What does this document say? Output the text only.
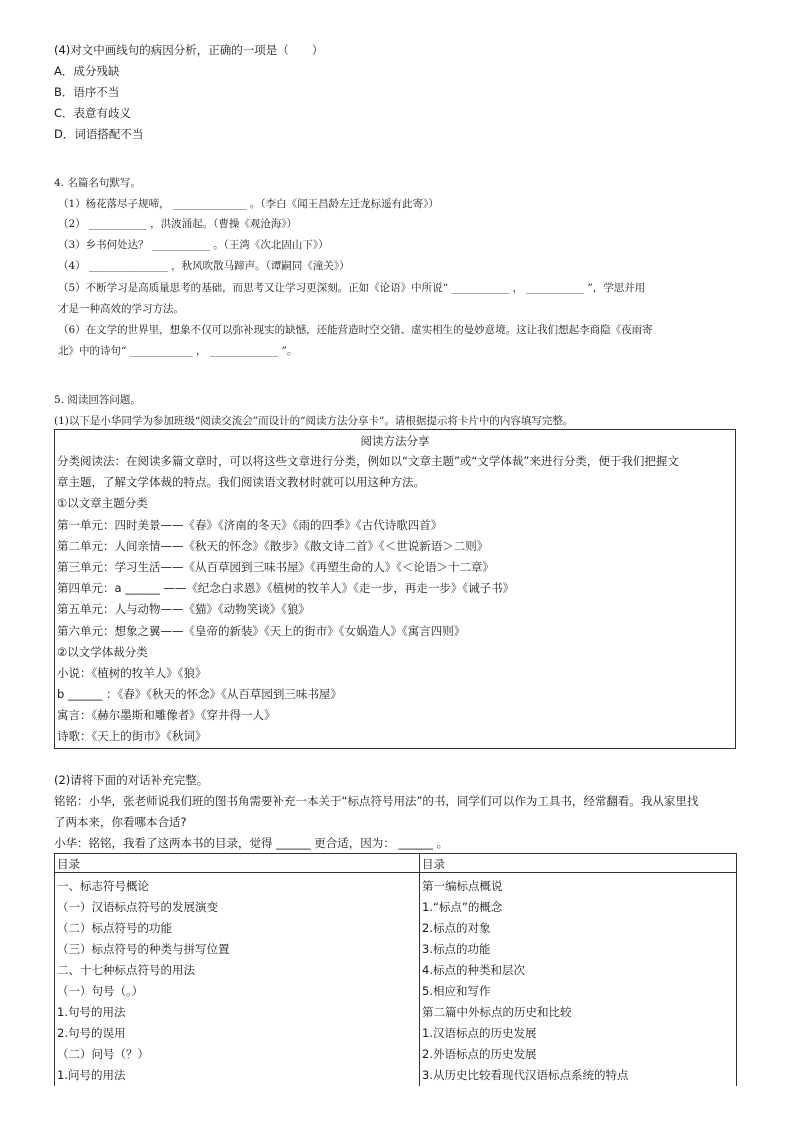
(4)对文中画线句的病因分析，正确的一项是（　　）
A．成分残缺
B．语序不当
C．表意有歧义
D．词语搭配不当
4. 名篇名句默写。
（1）杨花落尽子规啼， ______________ 。（李白《闻王昌龄左迁龙标遥有此寄》）
（2） ___________ ，洪波涌起。（曹操《观沧海》）
（3）乡书何处达？ ___________ 。（王湾《次北固山下》）
（4） _______________ ，秋风吹散马蹄声。（谭嗣同《潼关》）
（5）不断学习是高质量思考的基础，而思考又让学习更深刻。正如《论语》中所说“ ___________ ， ___________ ”，学思并用
才是一种高效的学习方法。
（6）在文学的世界里，想象不仅可以弥补现实的缺憾，还能营造时空交错、虚实相生的曼妙意境。这让我们想起李商隐《夜雨寄
北》中的诗句“ ____________ ， _____________ ”。
5. 阅读回答问题。
(1)以下是小华同学为参加班级“阅读交流会”而设计的“阅读方法分享卡”。请根据提示将卡片中的内容填写完整。
阅读方法分享
分类阅读法：在阅读多篇文章时，可以将这些文章进行分类，例如以“文章主题”或“文学体裁”来进行分类，便于我们把握文
章主题，了解文学体裁的特点。我们阅读语文教材时就可以用这种方法。
①以文章主题分类
第一单元：四时美景——《春》《济南的冬天》《雨的四季》《古代诗歌四首》
第二单元：人间亲情——《秋天的怀念》《散步》《散文诗二首》《＜世说新语＞二则》
第三单元：学习生活——《从百草园到三味书屋》《再塑生命的人》《＜论语＞十二章》
第四单元：a ______ ——《纪念白求恩》《植树的牧羊人》《走一步，再走一步》《诫子书》
第五单元：人与动物——《猫》《动物笑谈》《狼》
第六单元：想象之翼——《皇帝的新装》《天上的街市》《女娲造人》《寓言四则》
②以文学体裁分类
小说：《植树的牧羊人》《狼》
b ______ ：《春》《秋天的怀念》《从百草园到三味书屋》
寓言：《赫尔墨斯和雕像者》《穿井得一人》
诗歌：《天上的街市》《秋词》
(2)请将下面的对话补充完整。
铭铭：小华，张老师说我们班的图书角需要补充一本关于“标点符号用法”的书，同学们可以作为工具书，经常翻看。我从家里找
了两本来，你看哪本合适?
小华：铭铭，我看了这两本书的目录，觉得 ______ 更合适，因为： ______ 。
目录
一、标志符号概论
（一）汉语标点符号的发展演变
（二）标点符号的功能
（三）标点符号的种类与拼写位置
二、十七种标点符号的用法
（一）句号（。）
1.句号的用法
2.句号的误用
（二）问号（？）
1.问号的用法
目录
第一编标点概说
1.“标点”的概念
2.标点的对象
3.标点的功能
4.标点的种类和层次
5.相应和写作
第二篇中外标点的历史和比较
1.汉语标点的历史发展
2.外语标点的历史发展
3.从历史比较看现代汉语标点系统的特点
